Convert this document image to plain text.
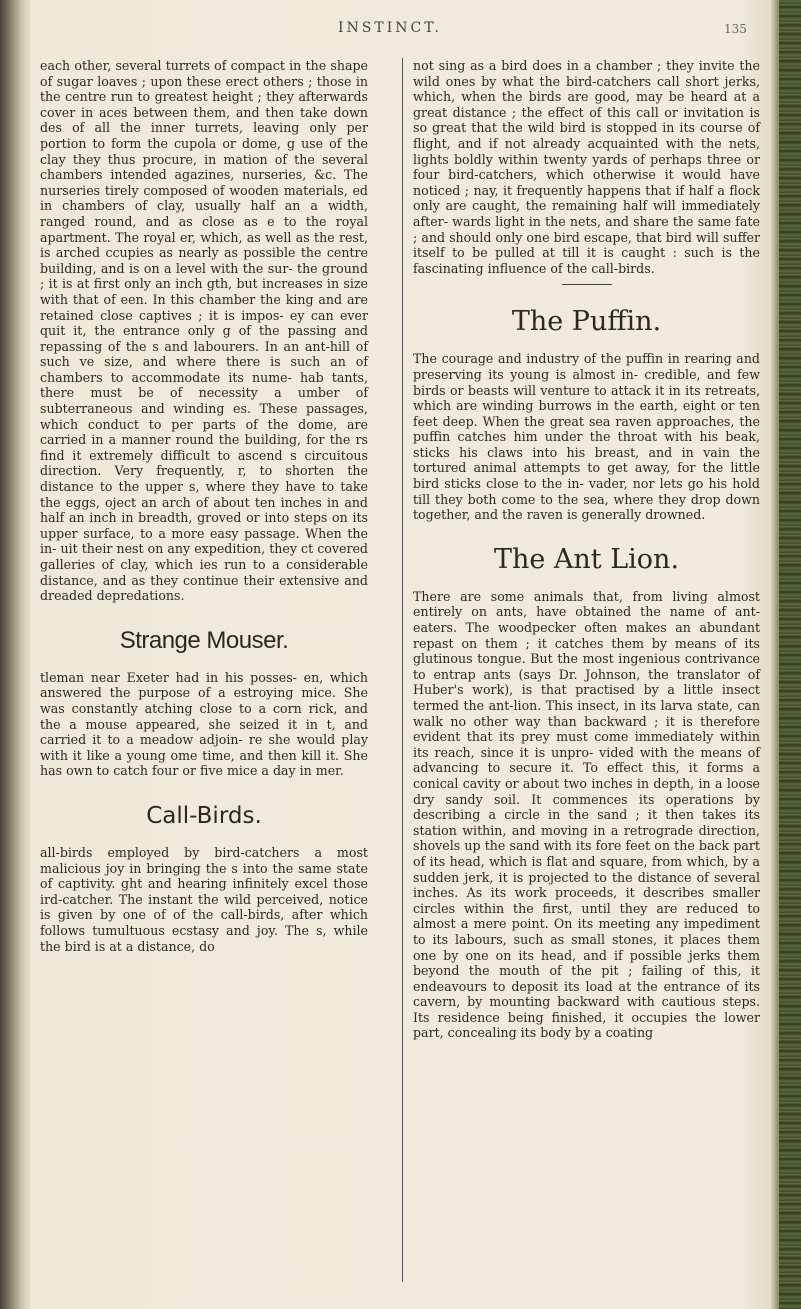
INSTINCT.	135

each other, several turrets of compact in the shape of sugar loaves ; upon these erect others ; those in the centre run to greatest height ; they afterwards cover in aces between them, and then take down des of all the inner turrets, leaving only per portion to form the cupola or dome, g use of the clay they thus procure, in mation of the several chambers intended agazines, nurseries, &c. The nurseries tirely composed of wooden materials, ed in chambers of clay, usually half an a width, ranged round, and as close as e to the royal apartment. The royal er, which, as well as the rest, is arched ccupies as nearly as possible the centre building, and is on a level with the sur- the ground ; it is at first only an inch gth, but increases in size with that of een. In this chamber the king and are retained close captives ; it is impos- ey can ever quit it, the entrance only g of the passing and repassing of the s and labourers. In an ant-hill of such ve size, and where there is such an of chambers to accommodate its nume- hab tants, there must be of necessity a umber of subterraneous and winding es. These passages, which conduct to per parts of the dome, are carried in a manner round the building, for the rs find it extremely difficult to ascend s circuitous direction. Very frequently, r, to shorten the distance to the upper s, where they have to take the eggs, oject an arch of about ten inches in and half an inch in breadth, groved or into steps on its upper surface, to a more easy passage. When the in- uit their nest on any expedition, they ct covered galleries of clay, which ies run to a considerable distance, and as they continue their extensive and dreaded depredations.

Strange Mouser.

tleman near Exeter had in his posses- en, which answered the purpose of a estroying mice. She was constantly atching close to a corn rick, and the a mouse appeared, she seized it in t, and carried it to a meadow adjoin- re she would play with it like a young ome time, and then kill it. She has own to catch four or five mice a day in mer.

Call-Birds.

all-birds employed by bird-catchers a most malicious joy in bringing the s into the same state of captivity. ght and hearing infinitely excel those ird-catcher. The instant the wild perceived, notice is given by one of of the call-birds, after which follows tumultuous ecstasy and joy. The s, while the bird is at a distance, do

not sing as a bird does in a chamber ; they invite the wild ones by what the bird-catchers call short jerks, which, when the birds are good, may be heard at a great distance ; the effect of this call or invitation is so great that the wild bird is stopped in its course of flight, and if not already acquainted with the nets, lights boldly within twenty yards of perhaps three or four bird-catchers, which otherwise it would have noticed ; nay, it frequently happens that if half a flock only are caught, the remaining half will immediately after- wards light in the nets, and share the same fate ; and should only one bird escape, that bird will suffer itself to be pulled at till it is caught : such is the fascinating influence of the call-birds.

The Puffin.

The courage and industry of the puffin in rearing and preserving its young is almost in- credible, and few birds or beasts will venture to attack it in its retreats, which are winding burrows in the earth, eight or ten feet deep. When the great sea raven approaches, the puffin catches him under the throat with his beak, sticks his claws into his breast, and in vain the tortured animal attempts to get away, for the little bird sticks close to the in- vader, nor lets go his hold till they both come to the sea, where they drop down together, and the raven is generally drowned.

The Ant Lion.

There are some animals that, from living almost entirely on ants, have obtained the name of ant-eaters. The woodpecker often makes an abundant repast on them ; it catches them by means of its glutinous tongue. But the most ingenious contrivance to entrap ants (says Dr. Johnson, the translator of Huber's work), is that practised by a little insect termed the ant-lion. This insect, in its larva state, can walk no other way than backward ; it is therefore evident that its prey must come immediately within its reach, since it is unpro- vided with the means of advancing to secure it. To effect this, it forms a conical cavity or about two inches in depth, in a loose dry sandy soil. It commences its operations by describing a circle in the sand ; it then takes its station within, and moving in a retrograde direction, shovels up the sand with its fore feet on the back part of its head, which is flat and square, from which, by a sudden jerk, it is projected to the distance of several inches. As its work proceeds, it describes smaller circles within the first, until they are reduced to almost a mere point. On its meeting any impediment to its labours, such as small stones, it places them one by one on its head, and if possible jerks them beyond the mouth of the pit ; failing of this, it endeavours to deposit its load at the entrance of its cavern, by mounting backward with cautious steps. Its residence being finished, it occupies the lower part, concealing its body by a coating
